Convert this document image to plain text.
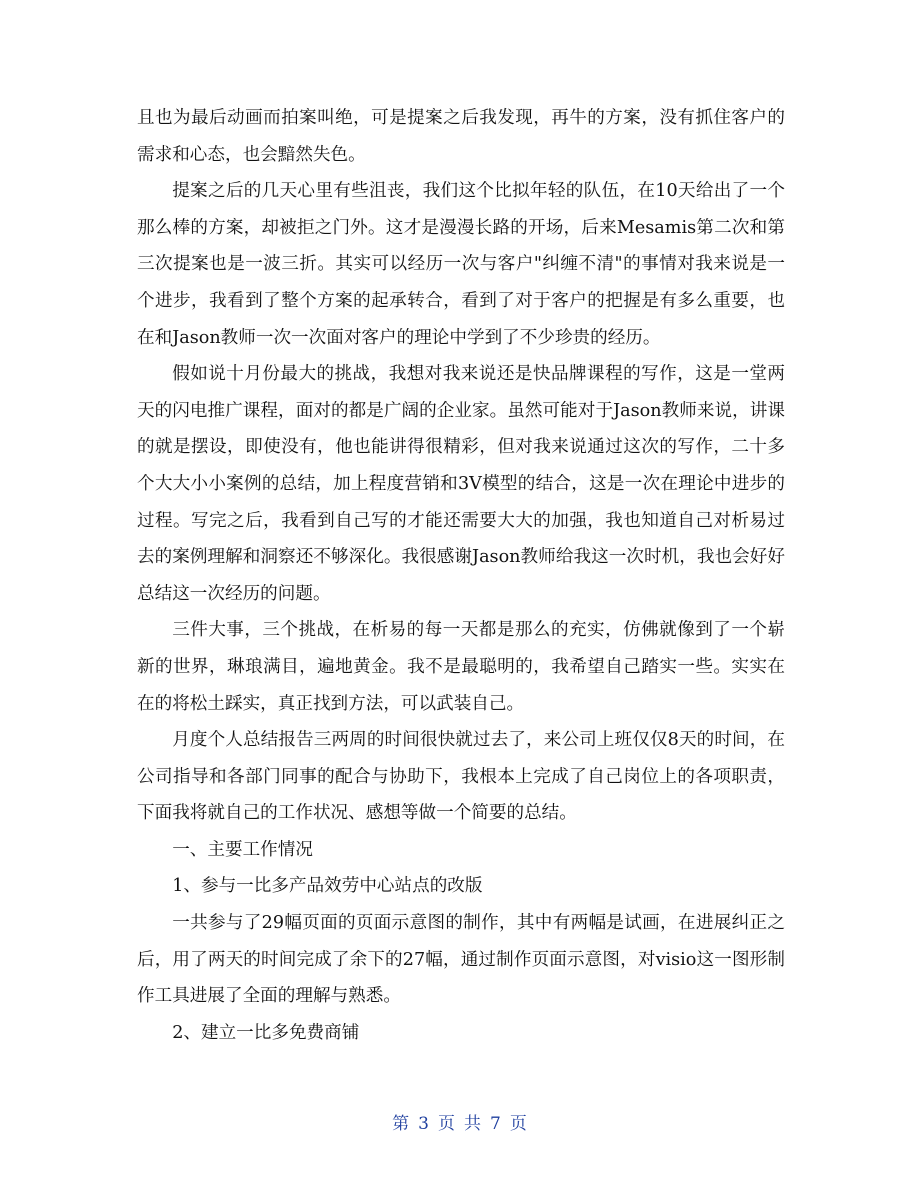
且也为最后动画而拍案叫绝，可是提案之后我发现，再牛的方案，没有抓住客户的需求和心态，也会黯然失色。

提案之后的几天心里有些沮丧，我们这个比拟年轻的队伍，在10天给出了一个那么棒的方案，却被拒之门外。这才是漫漫长路的开场，后来Mesamis第二次和第三次提案也是一波三折。其实可以经历一次与客户"纠缠不清"的事情对我来说是一个进步，我看到了整个方案的起承转合，看到了对于客户的把握是有多么重要，也在和Jason教师一次一次面对客户的理论中学到了不少珍贵的经历。

假如说十月份最大的挑战，我想对我来说还是快品牌课程的写作，这是一堂两天的闪电推广课程，面对的都是广阔的企业家。虽然可能对于Jason教师来说，讲课的就是摆设，即使没有，他也能讲得很精彩，但对我来说通过这次的写作，二十多个大大小小案例的总结，加上程度营销和3V模型的结合，这是一次在理论中进步的过程。写完之后，我看到自己写的才能还需要大大的加强，我也知道自己对析易过去的案例理解和洞察还不够深化。我很感谢Jason教师给我这一次时机，我也会好好总结这一次经历的问题。

三件大事，三个挑战，在析易的每一天都是那么的充实，仿佛就像到了一个崭新的世界，琳琅满目，遍地黄金。我不是最聪明的，我希望自己踏实一些。实实在在的将松土踩实，真正找到方法，可以武装自己。

月度个人总结报告三两周的时间很快就过去了，来公司上班仅仅8天的时间，在公司指导和各部门同事的配合与协助下，我根本上完成了自己岗位上的各项职责，下面我将就自己的工作状况、感想等做一个简要的总结。

一、主要工作情况

1、参与一比多产品效劳中心站点的改版

一共参与了29幅页面的页面示意图的制作，其中有两幅是试画，在进展纠正之后，用了两天的时间完成了余下的27幅，通过制作页面示意图，对visio这一图形制作工具进展了全面的理解与熟悉。

2、建立一比多免费商铺

第 3 页 共 7 页
